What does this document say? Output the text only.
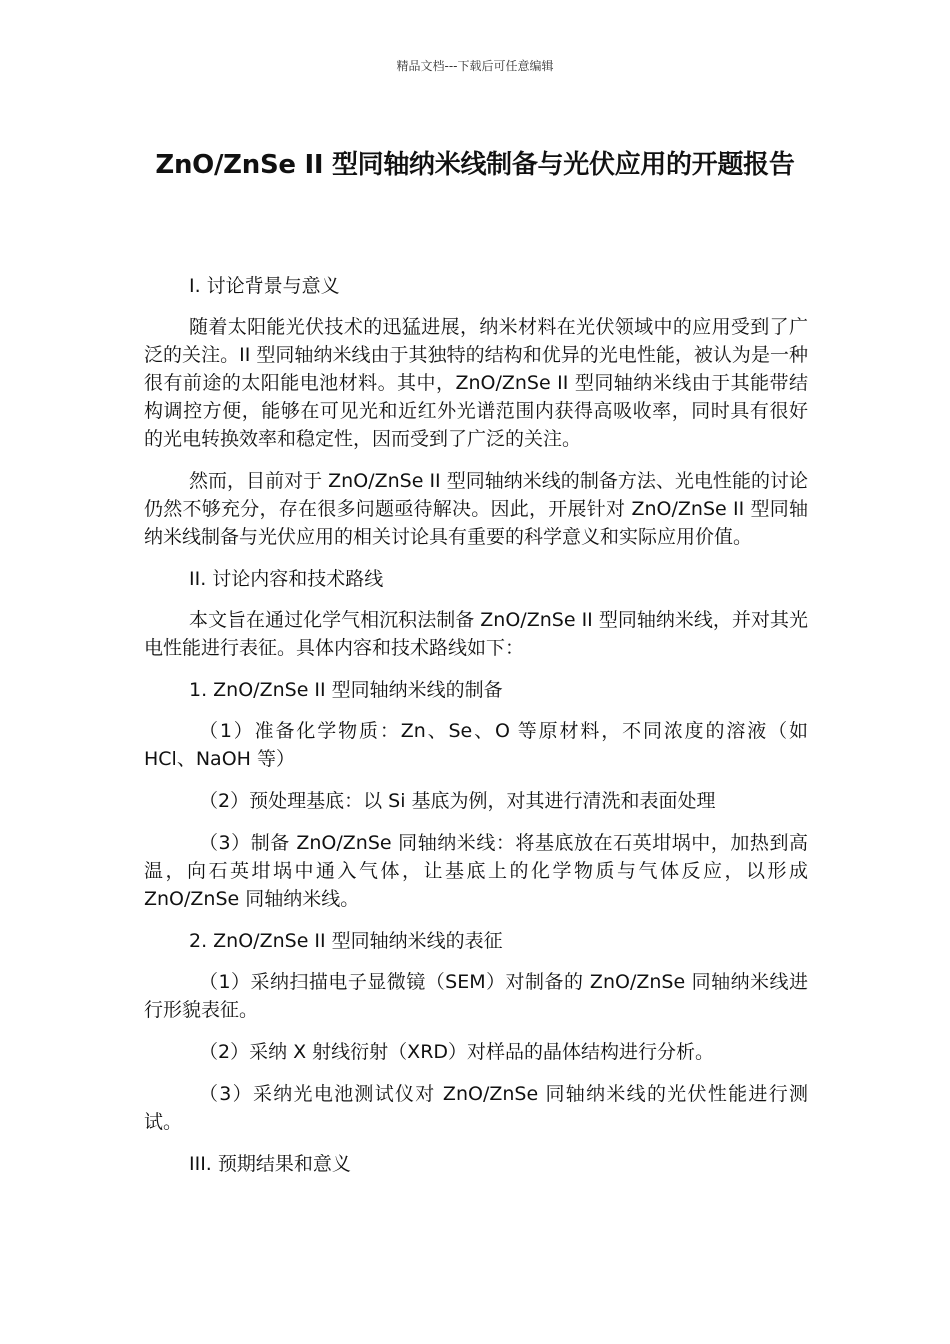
精品文档---下载后可任意编辑
ZnO/ZnSe II 型同轴纳米线制备与光伏应用的开题报告

I. 讨论背景与意义

随着太阳能光伏技术的迅猛进展，纳米材料在光伏领域中的应用受到了广泛的关注。II 型同轴纳米线由于其独特的结构和优异的光电性能，被认为是一种很有前途的太阳能电池材料。其中，ZnO/ZnSe II 型同轴纳米线由于其能带结构调控方便，能够在可见光和近红外光谱范围内获得高吸收率，同时具有很好的光电转换效率和稳定性，因而受到了广泛的关注。

然而，目前对于 ZnO/ZnSe II 型同轴纳米线的制备方法、光电性能的讨论仍然不够充分，存在很多问题亟待解决。因此，开展针对 ZnO/ZnSe II 型同轴纳米线制备与光伏应用的相关讨论具有重要的科学意义和实际应用价值。

II. 讨论内容和技术路线

本文旨在通过化学气相沉积法制备 ZnO/ZnSe II 型同轴纳米线，并对其光电性能进行表征。具体内容和技术路线如下：

1. ZnO/ZnSe II 型同轴纳米线的制备

（1）准备化学物质：Zn、Se、O 等原材料，不同浓度的溶液（如 HCl、NaOH 等）

（2）预处理基底：以 Si 基底为例，对其进行清洗和表面处理

（3）制备 ZnO/ZnSe 同轴纳米线：将基底放在石英坩埚中，加热到高温，向石英坩埚中通入气体，让基底上的化学物质与气体反应，以形成 ZnO/ZnSe 同轴纳米线。

2. ZnO/ZnSe II 型同轴纳米线的表征

（1）采纳扫描电子显微镜（SEM）对制备的 ZnO/ZnSe 同轴纳米线进行形貌表征。

（2）采纳 X 射线衍射（XRD）对样品的晶体结构进行分析。

（3）采纳光电池测试仪对 ZnO/ZnSe 同轴纳米线的光伏性能进行测试。

III. 预期结果和意义
